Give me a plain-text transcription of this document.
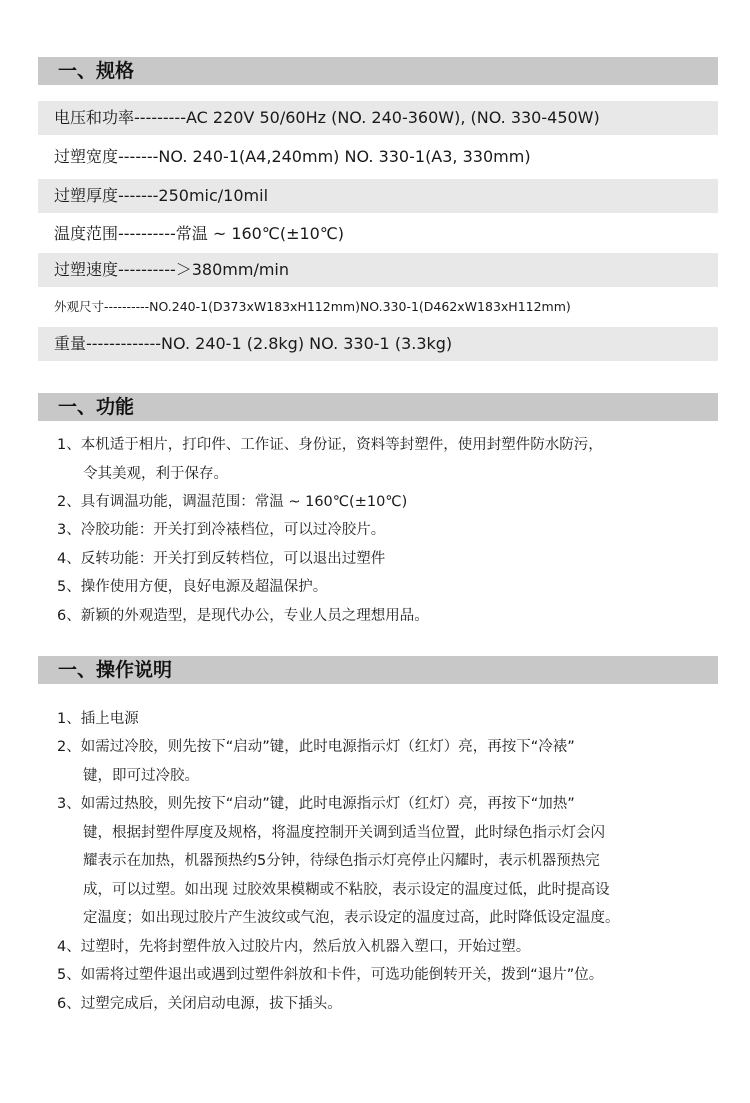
一、规格
电压和功率---------AC 220V 50/60Hz (NO. 240-360W), (NO. 330-450W)
过塑宽度-------NO. 240-1(A4,240mm) NO. 330-1(A3, 330mm)
过塑厚度-------250mic/10mil
温度范围----------常温 ~ 160℃(±10℃)
过塑速度----------＞380mm/min
外观尺寸----------NO.240-1(D373xW183xH112mm)NO.330-1(D462xW183xH112mm)
重量-------------NO. 240-1 (2.8kg) NO. 330-1 (3.3kg)
一、功能
1、本机适于相片，打印件、工作证、身份证，资料等封塑件，使用封塑件防水防污，
令其美观，利于保存。
2、具有调温功能，调温范围：常温 ~ 160℃(±10℃)
3、冷胶功能：开关打到冷裱档位，可以过冷胶片。
4、反转功能：开关打到反转档位，可以退出过塑件
5、操作使用方便，良好电源及超温保护。
6、新颖的外观造型，是现代办公，专业人员之理想用品。
一、操作说明
1、插上电源
2、如需过冷胶，则先按下“启动”键，此时电源指示灯（红灯）亮，再按下“冷裱”
键，即可过冷胶。
3、如需过热胶，则先按下“启动”键，此时电源指示灯（红灯）亮，再按下“加热”
键，根据封塑件厚度及规格，将温度控制开关调到适当位置，此时绿色指示灯会闪
耀表示在加热，机器预热约5分钟，待绿色指示灯亮停止闪耀时，表示机器预热完
成，可以过塑。如出现 过胶效果模糊或不粘胶，表示设定的温度过低，此时提高设
定温度；如出现过胶片产生波纹或气泡，表示设定的温度过高，此时降低设定温度。
4、过塑时，先将封塑件放入过胶片内，然后放入机器入塑口，开始过塑。
5、如需将过塑件退出或遇到过塑件斜放和卡件，可选功能倒转开关，拨到“退片”位。
6、过塑完成后，关闭启动电源，拔下插头。
